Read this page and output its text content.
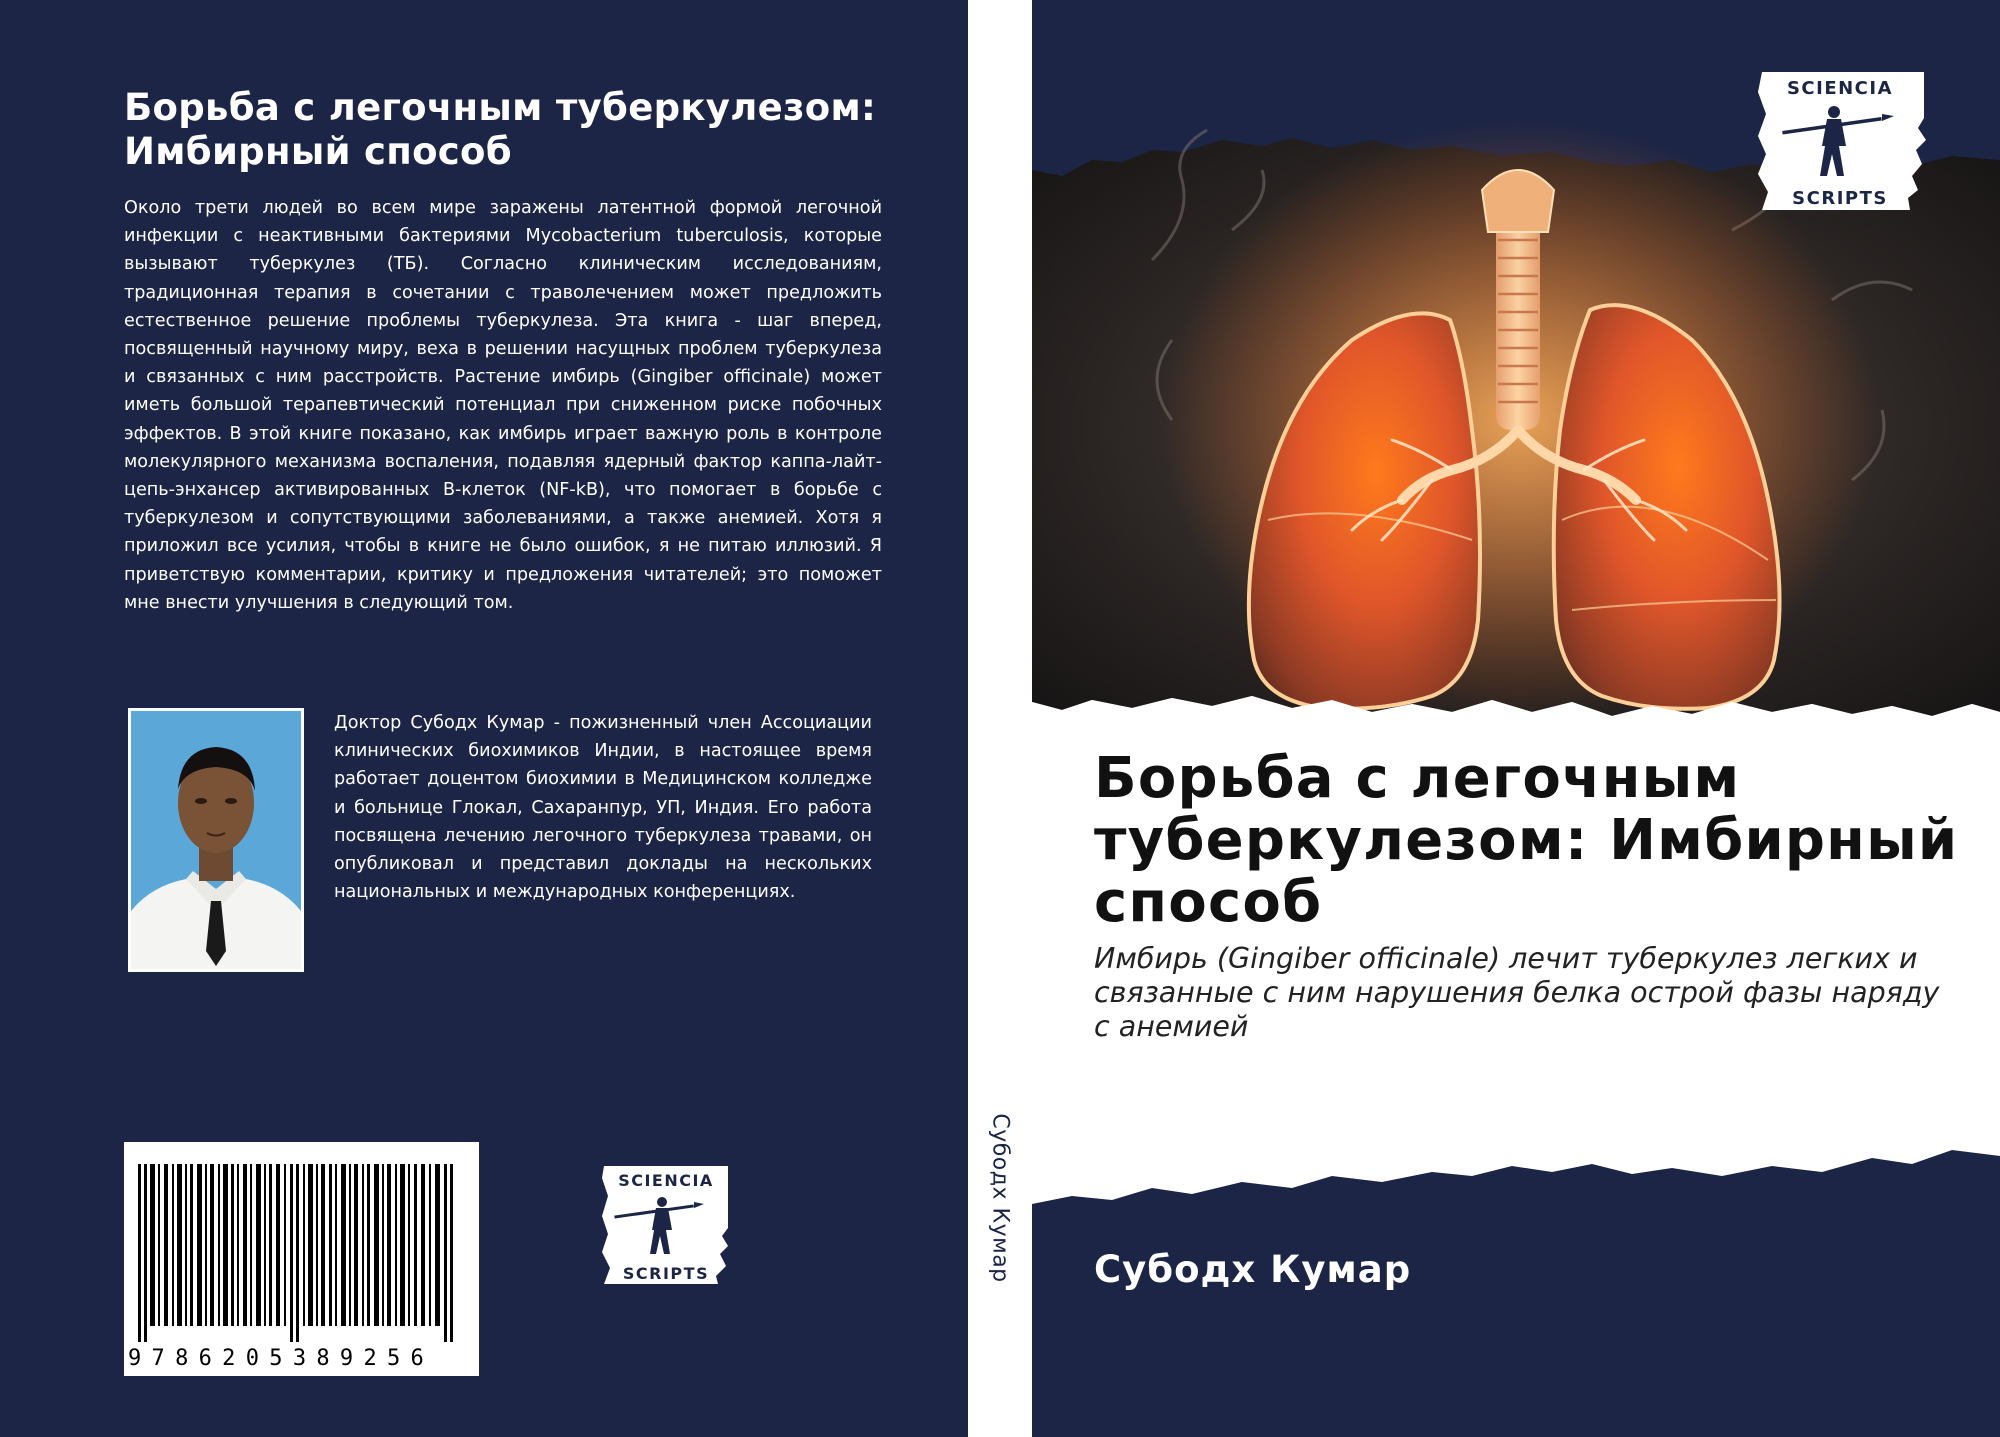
Борьба с легочным туберкулезом: Имбирный способ

Около трети людей во всем мире заражены латентной формой легочной инфекции с неактивными бактериями Mycobacterium tuberculosis, которые вызывают туберкулез (ТБ). Согласно клиническим исследованиям, традиционная терапия в сочетании с траволечением может предложить естественное решение проблемы туберкулеза. Эта книга - шаг вперед, посвященный научному миру, веха в решении насущных проблем туберкулеза и связанных с ним расстройств. Растение имбирь (Gingiber officinale) может иметь большой терапевтический потенциал при сниженном риске побочных эффектов. В этой книге показано, как имбирь играет важную роль в контроле молекулярного механизма воспаления, подавляя ядерный фактор каппа-лайт-цепь-энхансер активированных B-клеток (NF-kB), что помогает в борьбе с туберкулезом и сопутствующими заболеваниями, а также анемией. Хотя я приложил все усилия, чтобы в книге не было ошибок, я не питаю иллюзий. Я приветствую комментарии, критику и предложения читателей; это поможет мне внести улучшения в следующий том.

Доктор Субодх Кумар - пожизненный член Ассоциации клинических биохимиков Индии, в настоящее время работает доцентом биохимии в Медицинском колледже и больнице Глокал, Сахаранпур, УП, Индия. Его работа посвящена лечению легочного туберкулеза травами, он опубликовал и представил доклады на нескольких национальных и международных конференциях.

9786205389256
SCIENCIA
SCRIPTS	Субодх Кумар
SCIENCIA
SCRIPTS
Борьба с легочным туберкулезом: Имбирный способ

Имбирь (Gingiber officinale) лечит туберкулез легких и связанные с ним нарушения белка острой фазы наряду с анемией

Субодх Кумар
